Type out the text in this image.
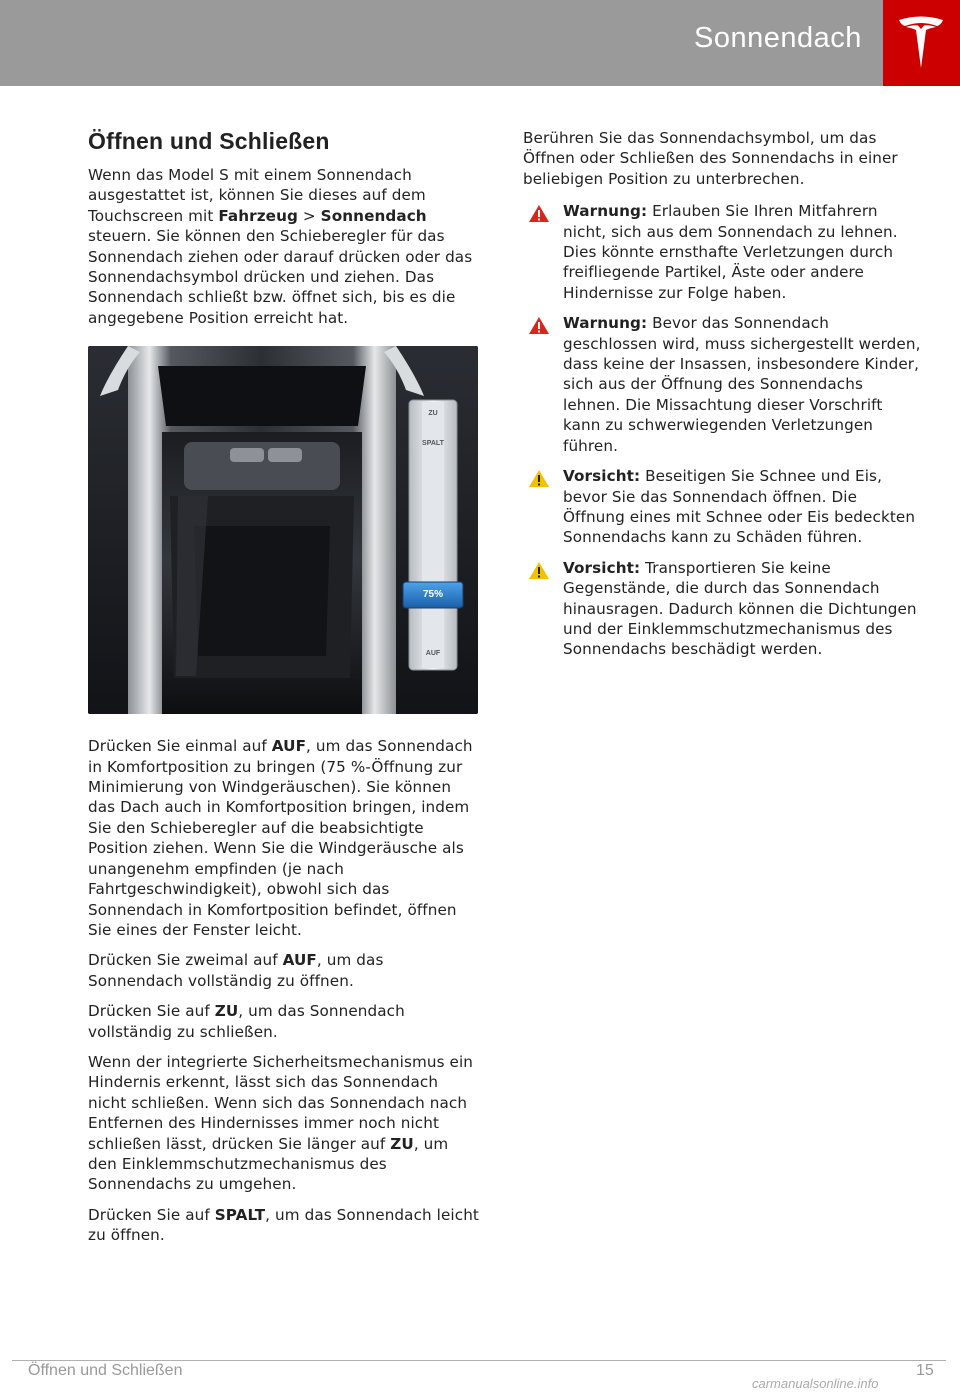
Sonnendach
Öffnen und Schließen

Wenn das Model S mit einem Sonnendach ausgestattet ist, können Sie dieses auf dem Touchscreen mit Fahrzeug > Sonnendach steuern. Sie können den Schieberegler für das Sonnendach ziehen oder darauf drücken oder das Sonnendachsymbol drücken und ziehen. Das Sonnendach schließt bzw. öffnet sich, bis es die angegebene Position erreicht hat.

ZU
SPALT
75%
AUF

Drücken Sie einmal auf AUF, um das Sonnendach in Komfortposition zu bringen (75 %-Öffnung zur Minimierung von Windgeräuschen). Sie können das Dach auch in Komfortposition bringen, indem Sie den Schieberegler auf die beabsichtigte Position ziehen. Wenn Sie die Windgeräusche als unangenehm empfinden (je nach Fahrtgeschwindigkeit), obwohl sich das Sonnendach in Komfortposition befindet, öffnen Sie eines der Fenster leicht.

Drücken Sie zweimal auf AUF, um das Sonnendach vollständig zu öffnen.

Drücken Sie auf ZU, um das Sonnendach vollständig zu schließen.

Wenn der integrierte Sicherheitsmechanismus ein Hindernis erkennt, lässt sich das Sonnendach nicht schließen. Wenn sich das Sonnendach nach Entfernen des Hindernisses immer noch nicht schließen lässt, drücken Sie länger auf ZU, um den Einklemmschutzmechanismus des Sonnendachs zu umgehen.

Drücken Sie auf SPALT, um das Sonnendach leicht zu öffnen.

Berühren Sie das Sonnendachsymbol, um das Öffnen oder Schließen des Sonnendachs in einer beliebigen Position zu unterbrechen.

Warnung: Erlauben Sie Ihren Mitfahrern nicht, sich aus dem Sonnendach zu lehnen. Dies könnte ernsthafte Verletzungen durch freifliegende Partikel, Äste oder andere Hindernisse zur Folge haben.

Warnung: Bevor das Sonnendach geschlossen wird, muss sichergestellt werden, dass keine der Insassen, insbesondere Kinder, sich aus der Öffnung des Sonnendachs lehnen. Die Missachtung dieser Vorschrift kann zu schwerwiegenden Verletzungen führen.

Vorsicht: Beseitigen Sie Schnee und Eis, bevor Sie das Sonnendach öffnen. Die Öffnung eines mit Schnee oder Eis bedeckten Sonnendachs kann zu Schäden führen.

Vorsicht: Transportieren Sie keine Gegenstände, die durch das Sonnendach hinausragen. Dadurch können die Dichtungen und der Einklemmschutzmechanismus des Sonnendachs beschädigt werden.

Öffnen und Schließen	15
carmanualsonline.info
